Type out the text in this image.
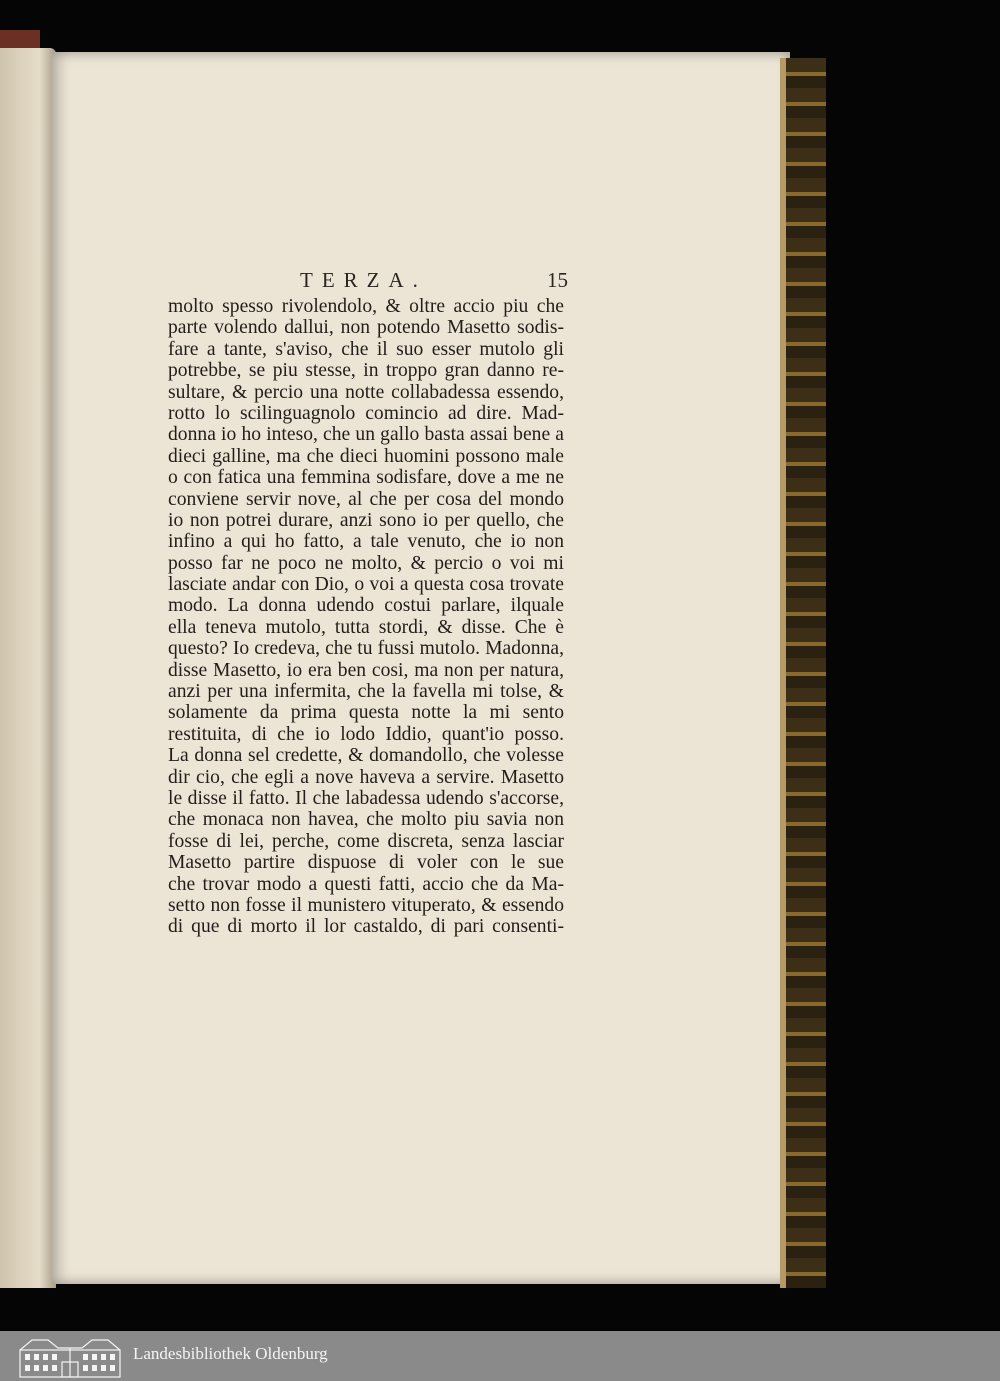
TERZA.	15
molto spesso rivolendolo, & oltre accio piu che
parte volendo dallui, non potendo Masetto sodis-
fare a tante, s'aviso, che il suo esser mutolo gli
potrebbe, se piu stesse, in troppo gran danno re-
sultare, & percio una notte collabadessa essendo,
rotto lo scilinguagnolo comincio ad dire. Mad-
donna io ho inteso, che un gallo basta assai bene a
dieci galline, ma che dieci huomini possono male
o con fatica una femmina sodisfare, dove a me ne
conviene servir nove, al che per cosa del mondo
io non potrei durare, anzi sono io per quello, che
infino a qui ho fatto, a tale venuto, che io non
posso far ne poco ne molto, & percio o voi mi
lasciate andar con Dio, o voi a questa cosa trovate
modo. La donna udendo costui parlare, ilquale
ella teneva mutolo, tutta stordi, & disse. Che è
questo? Io credeva, che tu fussi mutolo. Madonna,
disse Masetto, io era ben cosi, ma non per natura,
anzi per una infermita, che la favella mi tolse, &
solamente da prima questa notte la mi sento
restituita, di che io lodo Iddio, quant'io posso.
La donna sel credette, & domandollo, che volesse
dir cio, che egli a nove haveva a servire. Masetto
le disse il fatto. Il che labadessa udendo s'accorse,
che monaca non havea, che molto piu savia non
fosse di lei, perche, come discreta, senza lasciar
Masetto partire dispuose di voler con le sue
che trovar modo a questi fatti, accio che da Ma-
setto non fosse il munistero vituperato, & essendo
di que di morto il lor castaldo, di pari consenti-
Landesbibliothek Oldenburg
